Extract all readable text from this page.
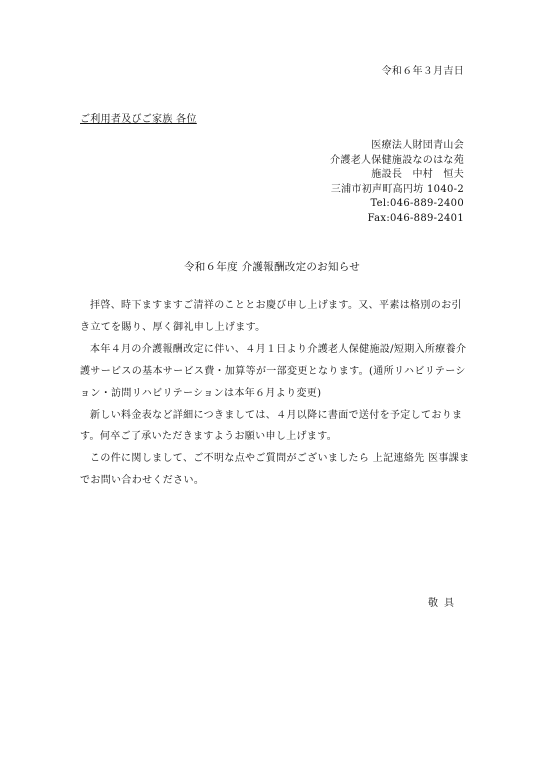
令和６年３月吉日
ご利用者及びご家族 各位
医療法人財団青山会
介護老人保健施設なのはな苑
施設長　中村　恒夫
三浦市初声町高円坊 1040-2
Tel:046-889-2400
Fax:046-889-2401
令和６年度 介護報酬改定のお知らせ

拝啓、時下ますますご清祥のこととお慶び申し上げます。又、平素は格別のお引き立てを賜り、厚く御礼申し上げます。

本年４月の介護報酬改定に伴い、４月１日より介護老人保健施設/短期入所療養介護サービスの基本サービス費・加算等が一部変更となります。(通所リハビリテーション・訪問リハビリテーションは本年６月より変更)

新しい料金表など詳細につきましては、４月以降に書面で送付を予定しております。何卒ご了承いただきますようお願い申し上げます。

この件に関しまして、ご不明な点やご質問がございましたら 上記連絡先 医事課までお問い合わせください。

敬具
